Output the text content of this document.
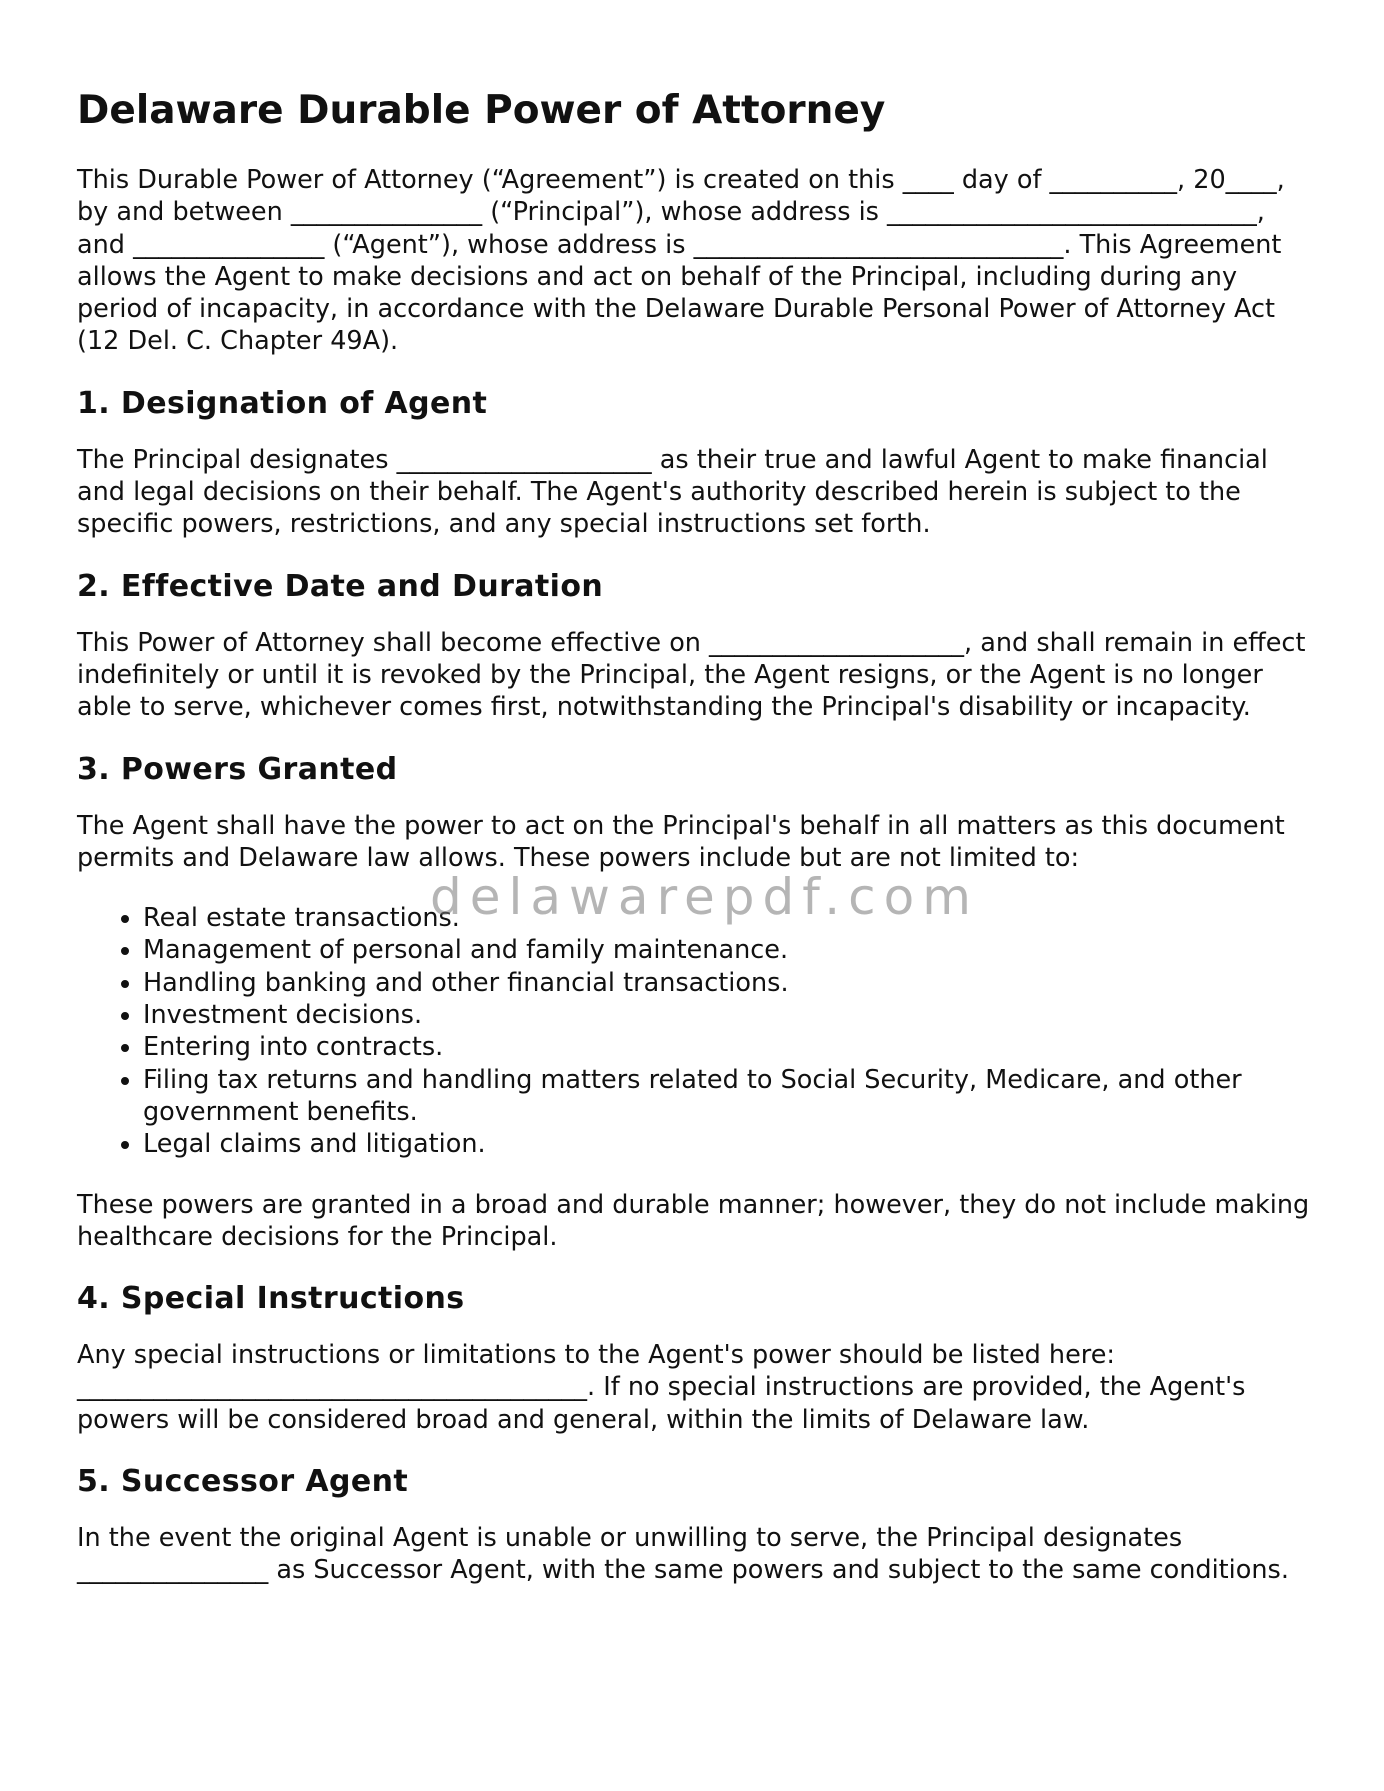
Delaware Durable Power of Attorney

This Durable Power of Attorney (“Agreement”) is created on this ____ day of __________, 20____, by and between _______________ (“Principal”), whose address is _____________________________, and _______________ (“Agent”), whose address is _____________________________. This Agreement allows the Agent to make decisions and act on behalf of the Principal, including during any period of incapacity, in accordance with the Delaware Durable Personal Power of Attorney Act (12 Del. C. Chapter 49A).

1. Designation of Agent

The Principal designates ____________________ as their true and lawful Agent to make financial and legal decisions on their behalf. The Agent's authority described herein is subject to the specific powers, restrictions, and any special instructions set forth.

2. Effective Date and Duration

This Power of Attorney shall become effective on ____________________, and shall remain in effect indefinitely or until it is revoked by the Principal, the Agent resigns, or the Agent is no longer able to serve, whichever comes first, notwithstanding the Principal's disability or incapacity.

3. Powers Granted

The Agent shall have the power to act on the Principal's behalf in all matters as this document permits and Delaware law allows. These powers include but are not limited to:

• Real estate transactions.
• Management of personal and family maintenance.
• Handling banking and other financial transactions.
• Investment decisions.
• Entering into contracts.
• Filing tax returns and handling matters related to Social Security, Medicare, and other government benefits.
• Legal claims and litigation.

These powers are granted in a broad and durable manner; however, they do not include making healthcare decisions for the Principal.

4. Special Instructions

Any special instructions or limitations to the Agent's power should be listed here: ________________________________________. If no special instructions are provided, the Agent's powers will be considered broad and general, within the limits of Delaware law.

5. Successor Agent

In the event the original Agent is unable or unwilling to serve, the Principal designates _______________ as Successor Agent, with the same powers and subject to the same conditions.

delawarepdf.com
